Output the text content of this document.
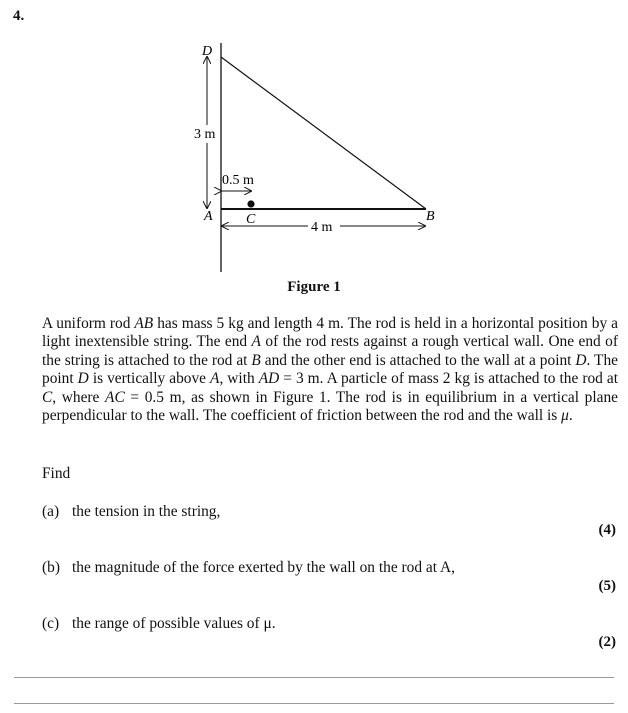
4.
D
A	B
C
3 m
0.5 m
4 m
Figure 1

A uniform rod AB has mass 5 kg and length 4 m. The rod is held in a horizontal position by a light inextensible string. The end A of the rod rests against a rough vertical wall. One end of the string is attached to the rod at B and the other end is attached to the wall at a point D. The point D is vertically above A, with AD = 3 m. A particle of mass 2 kg is attached to the rod at C, where AC = 0.5 m, as shown in Figure 1. The rod is in equilibrium in a vertical plane perpendicular to the wall. The coefficient of friction between the rod and the wall is μ.

Find
(a) the tension in the string,
(4)
(b) the magnitude of the force exerted by the wall on the rod at A,
(5)
(c) the range of possible values of μ.
(2)
